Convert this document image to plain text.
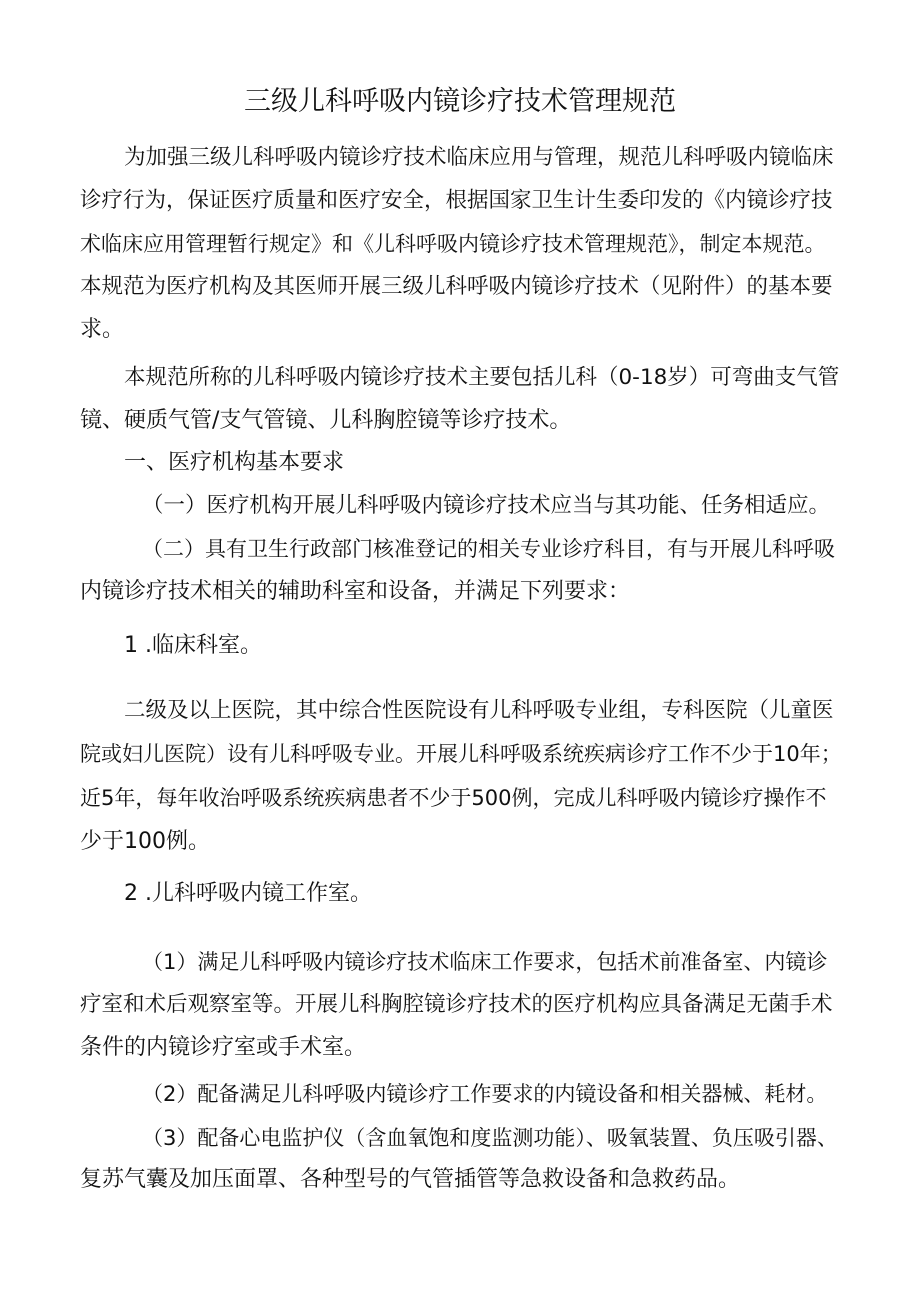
三级儿科呼吸内镜诊疗技术管理规范
为加强三级儿科呼吸内镜诊疗技术临床应用与管理，规范儿科呼吸内镜临床
诊疗行为，保证医疗质量和医疗安全，根据国家卫生计生委印发的《内镜诊疗技
术临床应用管理暂行规定》和《儿科呼吸内镜诊疗技术管理规范》，制定本规范。
本规范为医疗机构及其医师开展三级儿科呼吸内镜诊疗技术（见附件）的基本要
求。
本规范所称的儿科呼吸内镜诊疗技术主要包括儿科（0-18岁）可弯曲支气管
镜、硬质气管/支气管镜、儿科胸腔镜等诊疗技术。
一、医疗机构基本要求
（一）医疗机构开展儿科呼吸内镜诊疗技术应当与其功能、任务相适应。
（二）具有卫生行政部门核准登记的相关专业诊疗科目，有与开展儿科呼吸
内镜诊疗技术相关的辅助科室和设备，并满足下列要求：
1 .临床科室。
二级及以上医院，其中综合性医院设有儿科呼吸专业组，专科医院（儿童医
院或妇儿医院）设有儿科呼吸专业。开展儿科呼吸系统疾病诊疗工作不少于10年；
近5年，每年收治呼吸系统疾病患者不少于500例，完成儿科呼吸内镜诊疗操作不
少于100例。
2 .儿科呼吸内镜工作室。
（1）满足儿科呼吸内镜诊疗技术临床工作要求，包括术前准备室、内镜诊
疗室和术后观察室等。开展儿科胸腔镜诊疗技术的医疗机构应具备满足无菌手术
条件的内镜诊疗室或手术室。
（2）配备满足儿科呼吸内镜诊疗工作要求的内镜设备和相关器械、耗材。
（3）配备心电监护仪（含血氧饱和度监测功能）、吸氧装置、负压吸引器、
复苏气囊及加压面罩、各种型号的气管插管等急救设备和急救药品。
